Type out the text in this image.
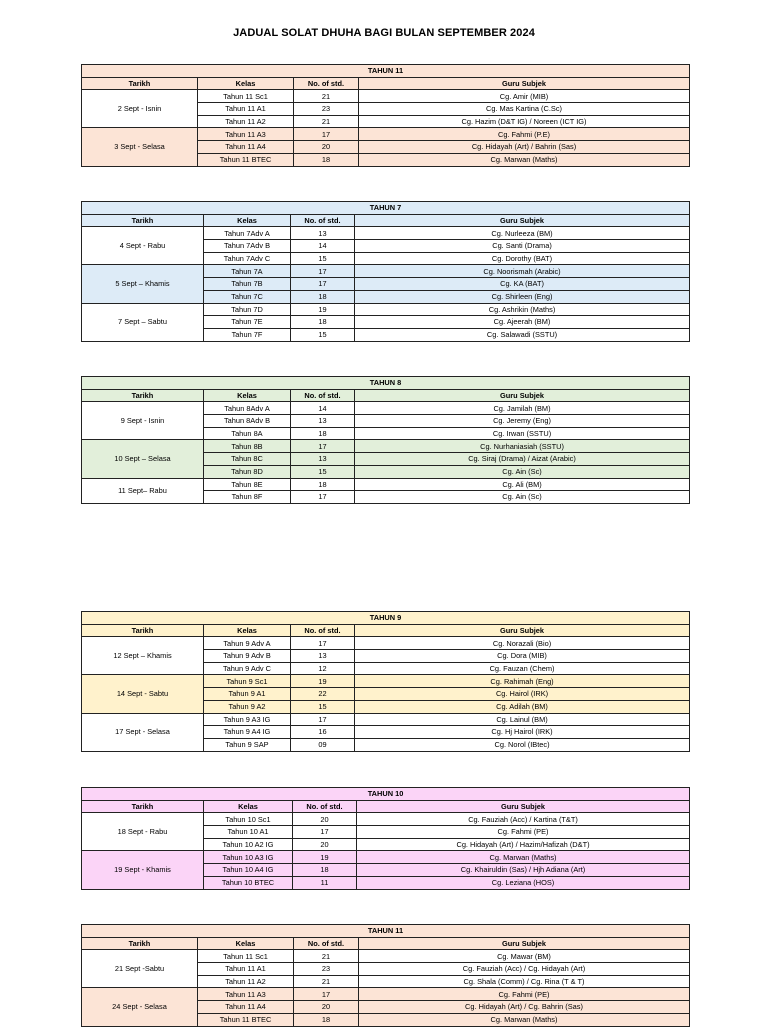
JADUAL SOLAT DHUHA BAGI BULAN SEPTEMBER 2024
TAHUN 11			
Tarikh	Kelas	No. of std.	Guru Subjek
2 Sept - Isnin	Tahun 11 Sc1	21	Cg. Amir (MIB)
	Tahun 11 A1	23	Cg. Mas Kartina (C.Sc)
	Tahun 11 A2	21	Cg. Hazim (D&T IG) / Noreen (ICT IG)
3 Sept - Selasa	Tahun 11 A3	17	Cg. Fahmi (P.E)
	Tahun 11 A4	20	Cg. Hidayah (Art) / Bahrin (Sas)
	Tahun 11 BTEC	18	Cg. Marwan (Maths)
TAHUN 7			
Tarikh	Kelas	No. of std.	Guru Subjek
4 Sept - Rabu	Tahun 7Adv A	13	Cg. Nurleeza (BM)
	Tahun 7Adv B	14	Cg. Santi (Drama)
	Tahun 7Adv C	15	Cg. Dorothy (BAT)
5 Sept – Khamis	Tahun 7A	17	Cg. Noorismah (Arabic)
	Tahun 7B	17	Cg. KA (BAT)
	Tahun 7C	18	Cg. Shirleen (Eng)
7 Sept – Sabtu	Tahun 7D	19	Cg. Ashrikin (Maths)
	Tahun 7E	18	Cg. Ajeerah (BM)
	Tahun 7F	15	Cg. Salawadi (SSTU)
TAHUN 8			
Tarikh	Kelas	No. of std.	Guru Subjek
9 Sept - Isnin	Tahun 8Adv A	14	Cg. Jamilah (BM)
	Tahun 8Adv B	13	Cg. Jeremy (Eng)
	Tahun 8A	18	Cg. Irwan (SSTU)
10 Sept – Selasa	Tahun 8B	17	Cg. Nurhaniasiah (SSTU)
	Tahun 8C	13	Cg. Siraj (Drama) / Aizat (Arabic)
	Tahun 8D	15	Cg. Ain (Sc)
11 Sept– Rabu	Tahun 8E	18	Cg. Ali (BM)
	Tahun 8F	17	Cg. Ain (Sc)
TAHUN 9			
Tarikh	Kelas	No. of std.	Guru Subjek
12 Sept – Khamis	Tahun 9 Adv A	17	Cg. Norazali (Bio)
	Tahun 9 Adv B	13	Cg. Dora (MIB)
	Tahun 9 Adv C	12	Cg. Fauzan (Chem)
14 Sept - Sabtu	Tahun 9 Sc1	19	Cg. Rahimah (Eng)
	Tahun 9 A1	22	Cg. Hairol (IRK)
	Tahun 9 A2	15	Cg. Adilah (BM)
17 Sept - Selasa	Tahun 9 A3 IG	17	Cg. Lainul (BM)
	Tahun 9 A4 IG	16	Cg. Hj Hairol (IRK)
	Tahun 9 SAP	09	Cg. Norol (IBtec)
TAHUN 10			
Tarikh	Kelas	No. of std.	Guru Subjek
18 Sept - Rabu	Tahun 10 Sc1	20	Cg. Fauziah (Acc) / Kartina (T&T)
	Tahun 10 A1	17	Cg. Fahmi (PE)
	Tahun 10 A2 IG	20	Cg. Hidayah (Art) / Hazim/Hafizah (D&T)
19 Sept - Khamis	Tahun 10 A3 IG	19	Cg. Marwan (Maths)
	Tahun 10 A4 IG	18	Cg. Khairuldin (Sas) / Hjh Adiana (Art)
	Tahun 10 BTEC	11	Cg. Leziana (HOS)
TAHUN 11			
Tarikh	Kelas	No. of std.	Guru Subjek
21 Sept -Sabtu	Tahun 11 Sc1	21	Cg. Mawar (BM)
	Tahun 11 A1	23	Cg. Fauziah (Acc) / Cg. Hidayah (Art)
	Tahun 11 A2	21	Cg. Shala (Comm) / Cg. Rina (T & T)
24 Sept - Selasa	Tahun 11 A3	17	Cg. Fahmi (PE)
	Tahun 11 A4	20	Cg. Hidayah (Art) / Cg. Bahrin (Sas)
	Tahun 11 BTEC	18	Cg. Marwan (Maths)
